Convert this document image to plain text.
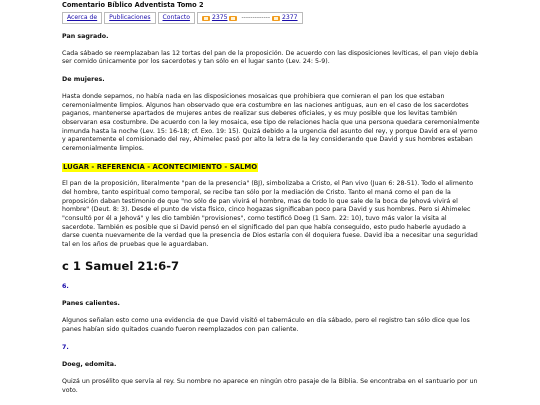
Comentario Bíblico Adventista Tomo 2
Acerca de	Publicaciones	Contacto	2375 ------------- 2377

Pan sagrado.

Cada sábado se reemplazaban las 12 tortas del pan de la proposición. De acuerdo con las disposiciones levíticas, el pan viejo debía ser comido únicamente por los sacerdotes y tan sólo en el lugar santo (Lev. 24: 5-9).

De mujeres.

Hasta donde sepamos, no había nada en las disposiciones mosaicas que prohibiera que comieran el pan los que estaban ceremonialmente limpios. Algunos han observado que era costumbre en las naciones antiguas, aun en el caso de los sacerdotes paganos, mantenerse apartados de mujeres antes de realizar sus deberes oficiales, y es muy posible que los levitas también observaran esa costumbre. De acuerdo con la ley mosaica, ese tipo de relaciones hacía que una persona quedara ceremonialmente inmunda hasta la noche (Lev. 15: 16-18; cf. Exo. 19: 15). Quizá debido a la urgencia del asunto del rey, y porque David era el yerno y aparentemente el comisionado del rey, Ahimelec pasó por alto la letra de la ley considerando que David y sus hombres estaban ceremonialmente limpios.

LUGAR - REFERENCIA - ACONTECIMIENTO - SALMO

El pan de la proposición, literalmente "pan de la presencia" (BJ), simbolizaba a Cristo, el Pan vivo (Juan 6: 28-51). Todo el alimento del hombre, tanto espiritual como temporal, se recibe tan sólo por la mediación de Cristo. Tanto el maná como el pan de la proposición daban testimonio de que "no sólo de pan vivirá el hombre, mas de todo lo que sale de la boca de Jehová vivirá el hombre" (Deut. 8: 3). Desde el punto de vista físico, cinco hogazas significaban poco para David y sus hombres. Pero si Ahimelec "consultó por él a Jehová" y les dio también "provisiones", como testificó Doeg (1 Sam. 22: 10), tuvo más valor la visita al sacerdote. También es posible que si David pensó en el significado del pan que había conseguido, esto pudo haberle ayudado a darse cuenta nuevamente de la verdad que la presencia de Dios estaría con él doquiera fuese. David iba a necesitar una seguridad tal en los años de pruebas que le aguardaban.

c 1 Samuel 21:6-7

6.

Panes calientes.

Algunos señalan esto como una evidencia de que David visitó el tabernáculo en día sábado, pero el registro tan sólo dice que los panes habían sido quitados cuando fueron reemplazados con pan caliente.

7.

Doeg, edomita.

Quizá un prosélito que servía al rey. Su nombre no aparece en ningún otro pasaje de la Biblia. Se encontraba en el santuario por un voto.
